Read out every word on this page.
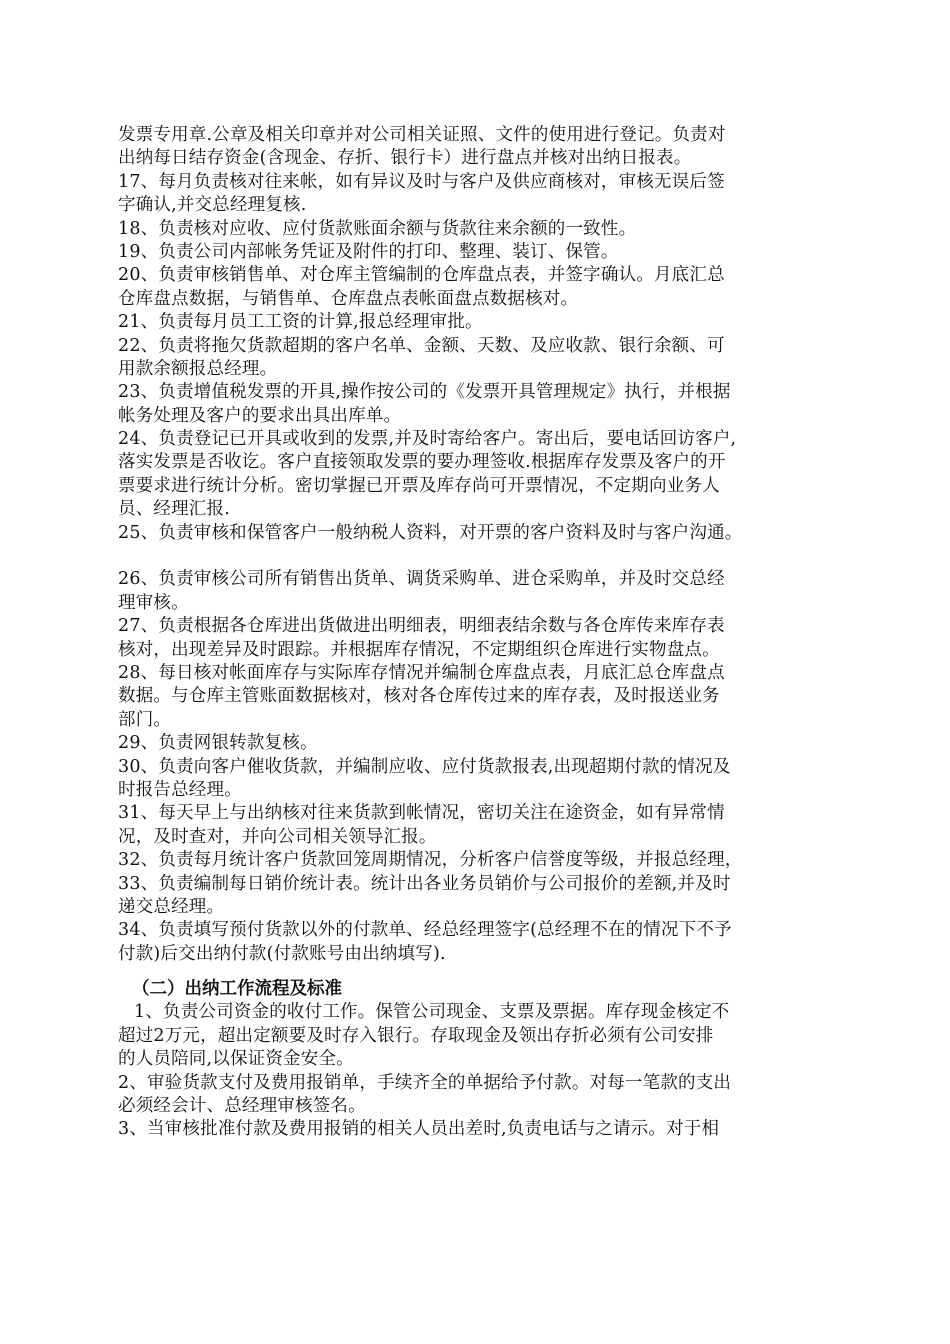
发票专用章.公章及相关印章并对公司相关证照、文件的使用进行登记。负责对
出纳每日结存资金(含现金、存折、银行卡）进行盘点并核对出纳日报表。
17、每月负责核对往来帐，如有异议及时与客户及供应商核对，审核无误后签
字确认,并交总经理复核.
18、负责核对应收、应付货款账面余额与货款往来余额的一致性。
19、负责公司内部帐务凭证及附件的打印、整理、装订、保管。
20、负责审核销售单、对仓库主管编制的仓库盘点表，并签字确认。月底汇总
仓库盘点数据，与销售单、仓库盘点表帐面盘点数据核对。
21、负责每月员工工资的计算,报总经理审批。
22、负责将拖欠货款超期的客户名单、金额、天数、及应收款、银行余额、可
用款余额报总经理。
23、负责增值税发票的开具,操作按公司的《发票开具管理规定》执行，并根据
帐务处理及客户的要求出具出库单。
24、负责登记已开具或收到的发票,并及时寄给客户。寄出后，要电话回访客户,
落实发票是否收讫。客户直接领取发票的要办理签收.根据库存发票及客户的开
票要求进行统计分析。密切掌握已开票及库存尚可开票情况，不定期向业务人
员、经理汇报.
25、负责审核和保管客户一般纳税人资料，对开票的客户资料及时与客户沟通。
26、负责审核公司所有销售出货单、调货采购单、进仓采购单，并及时交总经
理审核。
27、负责根据各仓库进出货做进出明细表，明细表结余数与各仓库传来库存表
核对，出现差异及时跟踪。并根据库存情况，不定期组织仓库进行实物盘点。
28、每日核对帐面库存与实际库存情况并编制仓库盘点表，月底汇总仓库盘点
数据。与仓库主管账面数据核对，核对各仓库传过来的库存表，及时报送业务
部门。
29、负责网银转款复核。
30、负责向客户催收货款，并编制应收、应付货款报表,出现超期付款的情况及
时报告总经理。
31、每天早上与出纳核对往来货款到帐情况，密切关注在途资金，如有异常情
况，及时查对，并向公司相关领导汇报。
32、负责每月统计客户货款回笼周期情况，分析客户信誉度等级，并报总经理，
33、负责编制每日销价统计表。统计出各业务员销价与公司报价的差额,并及时
递交总经理。
34、负责填写预付货款以外的付款单、经总经理签字(总经理不在的情况下不予
付款)后交出纳付款(付款账号由出纳填写).
（二）出纳工作流程及标准
1、负责公司资金的收付工作。保管公司现金、支票及票据。库存现金核定不
超过2万元，超出定额要及时存入银行。存取现金及领出存折必须有公司安排
的人员陪同,以保证资金安全。
2、审验货款支付及费用报销单，手续齐全的单据给予付款。对每一笔款的支出
必须经会计、总经理审核签名。
3、当审核批准付款及费用报销的相关人员出差时,负责电话与之请示。对于相
